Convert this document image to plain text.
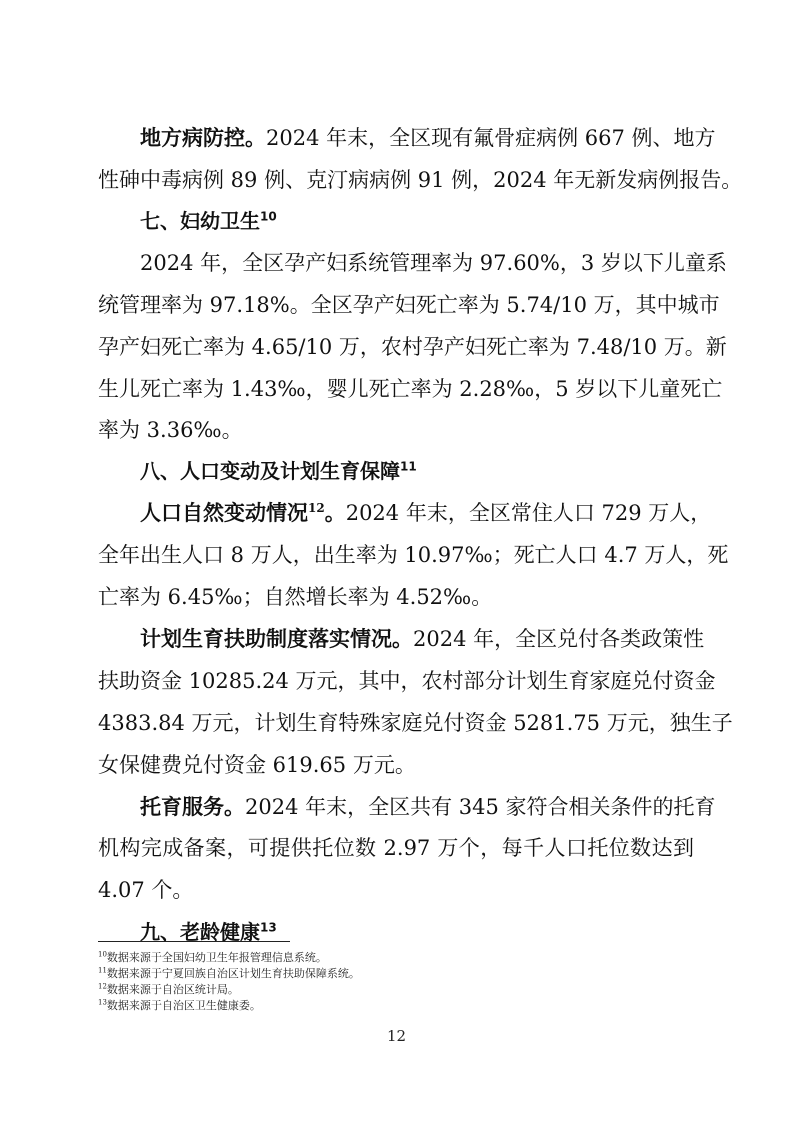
地方病防控。2024 年末，全区现有氟骨症病例 667 例、地方
性砷中毒病例 89 例、克汀病病例 91 例，2024 年无新发病例报告。
七、妇幼卫生$^{10}$
2024 年，全区孕产妇系统管理率为 97.60%，3 岁以下儿童系
统管理率为 97.18%。全区孕产妇死亡率为 5.74/10 万，其中城市
孕产妇死亡率为 4.65/10 万，农村孕产妇死亡率为 7.48/10 万。新
生儿死亡率为 1.43‰，婴儿死亡率为 2.28‰，5 岁以下儿童死亡
率为 3.36‰。
八、人口变动及计划生育保障$^{11}$
人口自然变动情况$^{12}$。2024 年末，全区常住人口 729 万人，
全年出生人口 8 万人，出生率为 10.97‰；死亡人口 4.7 万人，死
亡率为 6.45‰；自然增长率为 4.52‰。
计划生育扶助制度落实情况。2024 年，全区兑付各类政策性
扶助资金 10285.24 万元，其中，农村部分计划生育家庭兑付资金
4383.84 万元，计划生育特殊家庭兑付资金 5281.75 万元，独生子
女保健费兑付资金 619.65 万元。
托育服务。2024 年末，全区共有 345 家符合相关条件的托育
机构完成备案，可提供托位数 2.97 万个，每千人口托位数达到
4.07 个。
九、老龄健康$^{13}$
$^{10}$数据来源于全国妇幼卫生年报管理信息系统。
$^{11}$数据来源于宁夏回族自治区计划生育扶助保障系统。
$^{12}$数据来源于自治区统计局。
$^{13}$数据来源于自治区卫生健康委。
12
